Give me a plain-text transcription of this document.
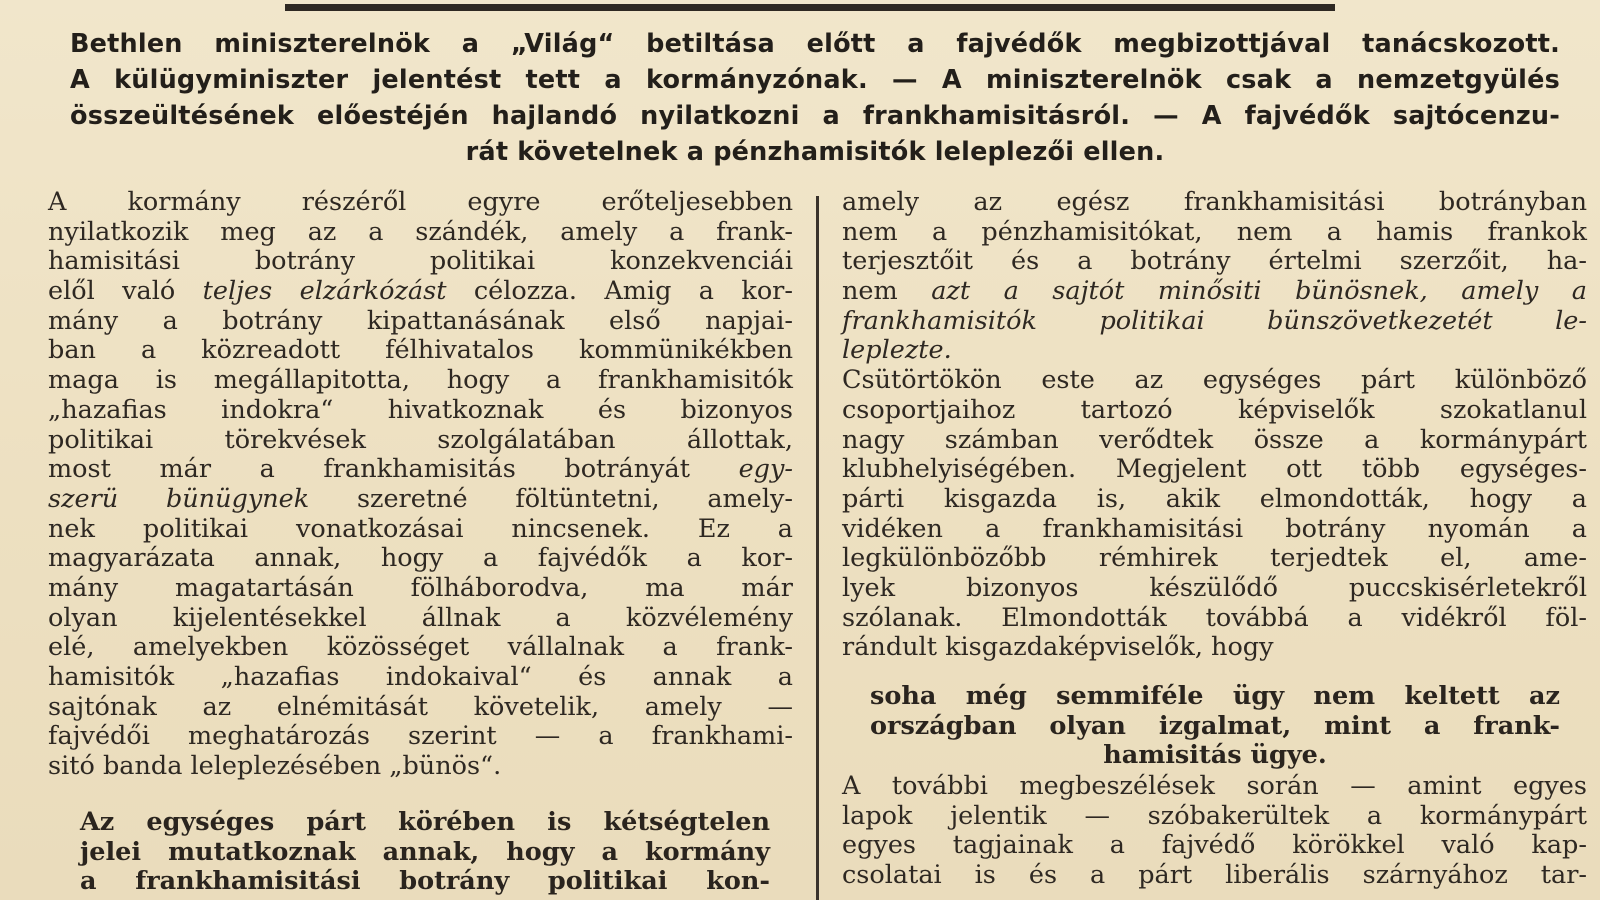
Bethlen miniszterelnök a „Világ“ betiltása előtt a fajvédők megbizottjával tanácskozott.
A külügyminiszter jelentést tett a kormányzónak. — A miniszterelnök csak a nemzetgyülés
összeültésének előestéjén hajlandó nyilatkozni a frankhamisitásról. — A fajvédők sajtócenzu-
rát követelnek a pénzhamisitók leleplezői ellen.
A kormány részéről egyre erőteljesebben
nyilatkozik meg az a szándék, amely a frank-
hamisitási botrány politikai konzekvenciái
elől való teljes elzárkózást célozza. Amig a kor-
mány a botrány kipattanásának első napjai-
ban a közreadott félhivatalos kommünikékben
maga is megállapitotta, hogy a frankhamisitók
„hazafias indokra“ hivatkoznak és bizonyos
politikai törekvések szolgálatában állottak,
most már a frankhamisitás botrányát egy-
szerü bünügynek szeretné föltüntetni, amely-
nek politikai vonatkozásai nincsenek. Ez a
magyarázata annak, hogy a fajvédők a kor-
mány magatartásán fölháborodva, ma már
olyan kijelentésekkel állnak a közvélemény
elé, amelyekben közösséget vállalnak a frank-
hamisitók „hazafias indokaival“ és annak a
sajtónak az elnémitását követelik, amely —
fajvédői meghatározás szerint — a frankhami-
sitó banda leleplezésében „bünös“.
Az egységes párt körében is kétségtelen
jelei mutatkoznak annak, hogy a kormány
a frankhamisitási botrány politikai kon-
amely az egész frankhamisitási botrányban
nem a pénzhamisitókat, nem a hamis frankok
terjesztőit és a botrány értelmi szerzőit, ha-
nem azt a sajtót minősiti bünösnek, amely a
frankhamisitók politikai bünszövetkezetét le-
leplezte.
Csütörtökön este az egységes párt különböző
csoportjaihoz tartozó képviselők szokatlanul
nagy számban verődtek össze a kormánypárt
klubhelyiségében. Megjelent ott több egységes-
párti kisgazda is, akik elmondották, hogy a
vidéken a frankhamisitási botrány nyomán a
legkülönbözőbb rémhirek terjedtek el, ame-
lyek bizonyos készülődő puccskisérletekről
szólanak. Elmondották továbbá a vidékről föl-
rándult kisgazdaképviselők, hogy
soha még semmiféle ügy nem keltett az
országban olyan izgalmat, mint a frank-
hamisitás ügye.
A további megbeszélések során — amint egyes
lapok jelentik — szóbakerültek a kormánypárt
egyes tagjainak a fajvédő körökkel való kap-
csolatai is és a párt liberális szárnyához tar-
